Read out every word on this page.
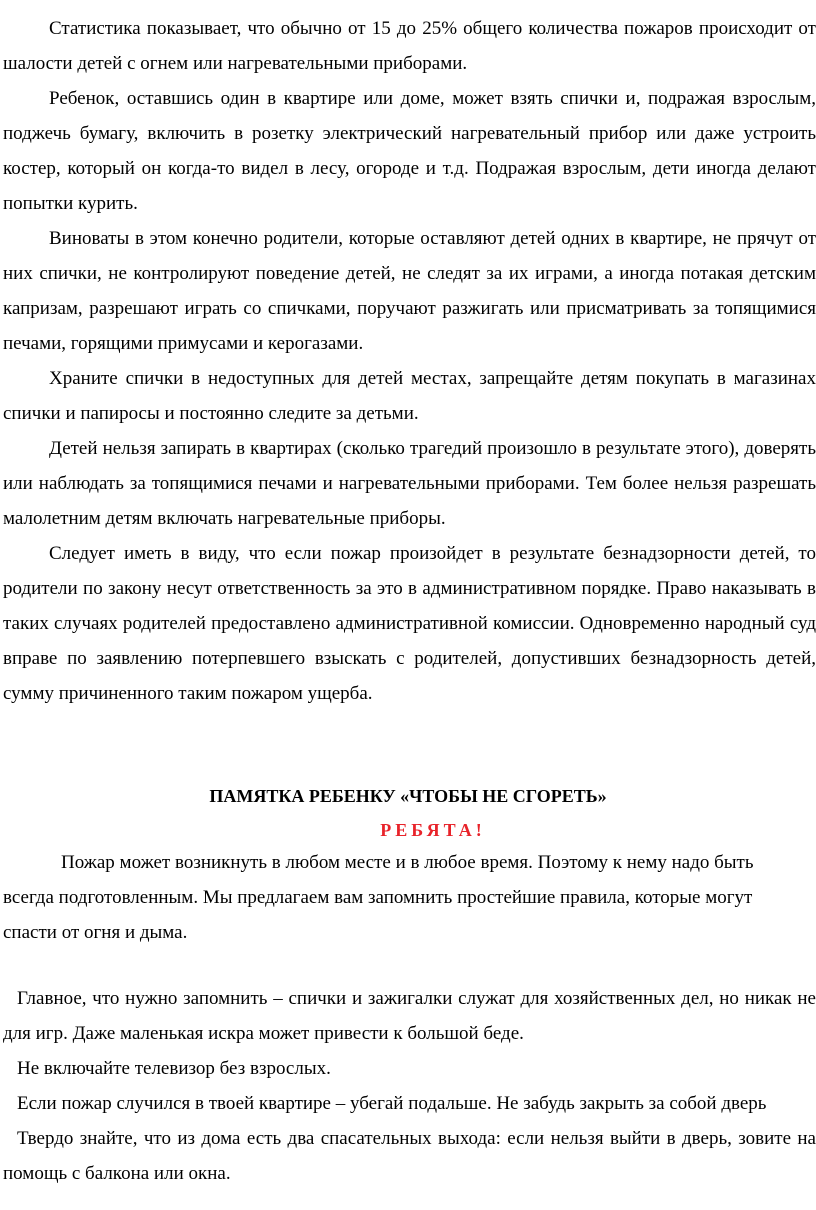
Статистика показывает, что обычно от 15 до 25% общего количества пожаров происходит от шалости детей с огнем или нагревательными приборами.

Ребенок, оставшись один в квартире или доме, может взять спички и, подражая взрослым, поджечь бумагу, включить в розетку электрический нагревательный прибор или даже устроить костер, который он когда-то видел в лесу, огороде и т.д. Подражая взрослым, дети иногда делают попытки курить.

Виноваты в этом конечно родители, которые оставляют детей одних в квартире, не прячут от них спички, не контролируют поведение детей, не следят за их играми, а иногда потакая детским капризам, разрешают играть со спичками, поручают разжигать или присматривать за топящимися печами, горящими примусами и керогазами.

Храните спички в недоступных для детей местах, запрещайте детям покупать в магазинах спички и папиросы и постоянно следите за детьми.

Детей нельзя запирать в квартирах (сколько трагедий произошло в результате этого), доверять или наблюдать за топящимися печами и нагревательными приборами. Тем более нельзя разрешать малолетним детям включать нагревательные приборы.

Следует иметь в виду, что если пожар произойдет в результате безнадзорности детей, то родители по закону несут ответственность за это в административном порядке. Право наказывать в таких случаях родителей предоставлено административной комиссии. Одновременно народный суд вправе по заявлению потерпевшего взыскать с родителей, допустивших безнадзорность детей, сумму причиненного таким пожаром ущерба.

ПАМЯТКА РЕБЕНКУ «ЧТОБЫ НЕ СГОРЕТЬ»

РЕБЯТА!

Пожар может возникнуть в любом месте и в любое время. Поэтому к нему надо быть всегда подготовленным. Мы предлагаем вам запомнить простейшие правила, которые могут спасти от огня и дыма.

Главное, что нужно запомнить – спички и зажигалки служат для хозяйственных дел, но никак не для игр. Даже маленькая искра может привести к большой беде.

Не включайте телевизор без взрослых.

Если пожар случился в твоей квартире – убегай подальше. Не забудь закрыть за собой дверь

Твердо знайте, что из дома есть два спасательных выхода: если нельзя выйти в дверь, зовите на помощь с балкона или окна.
